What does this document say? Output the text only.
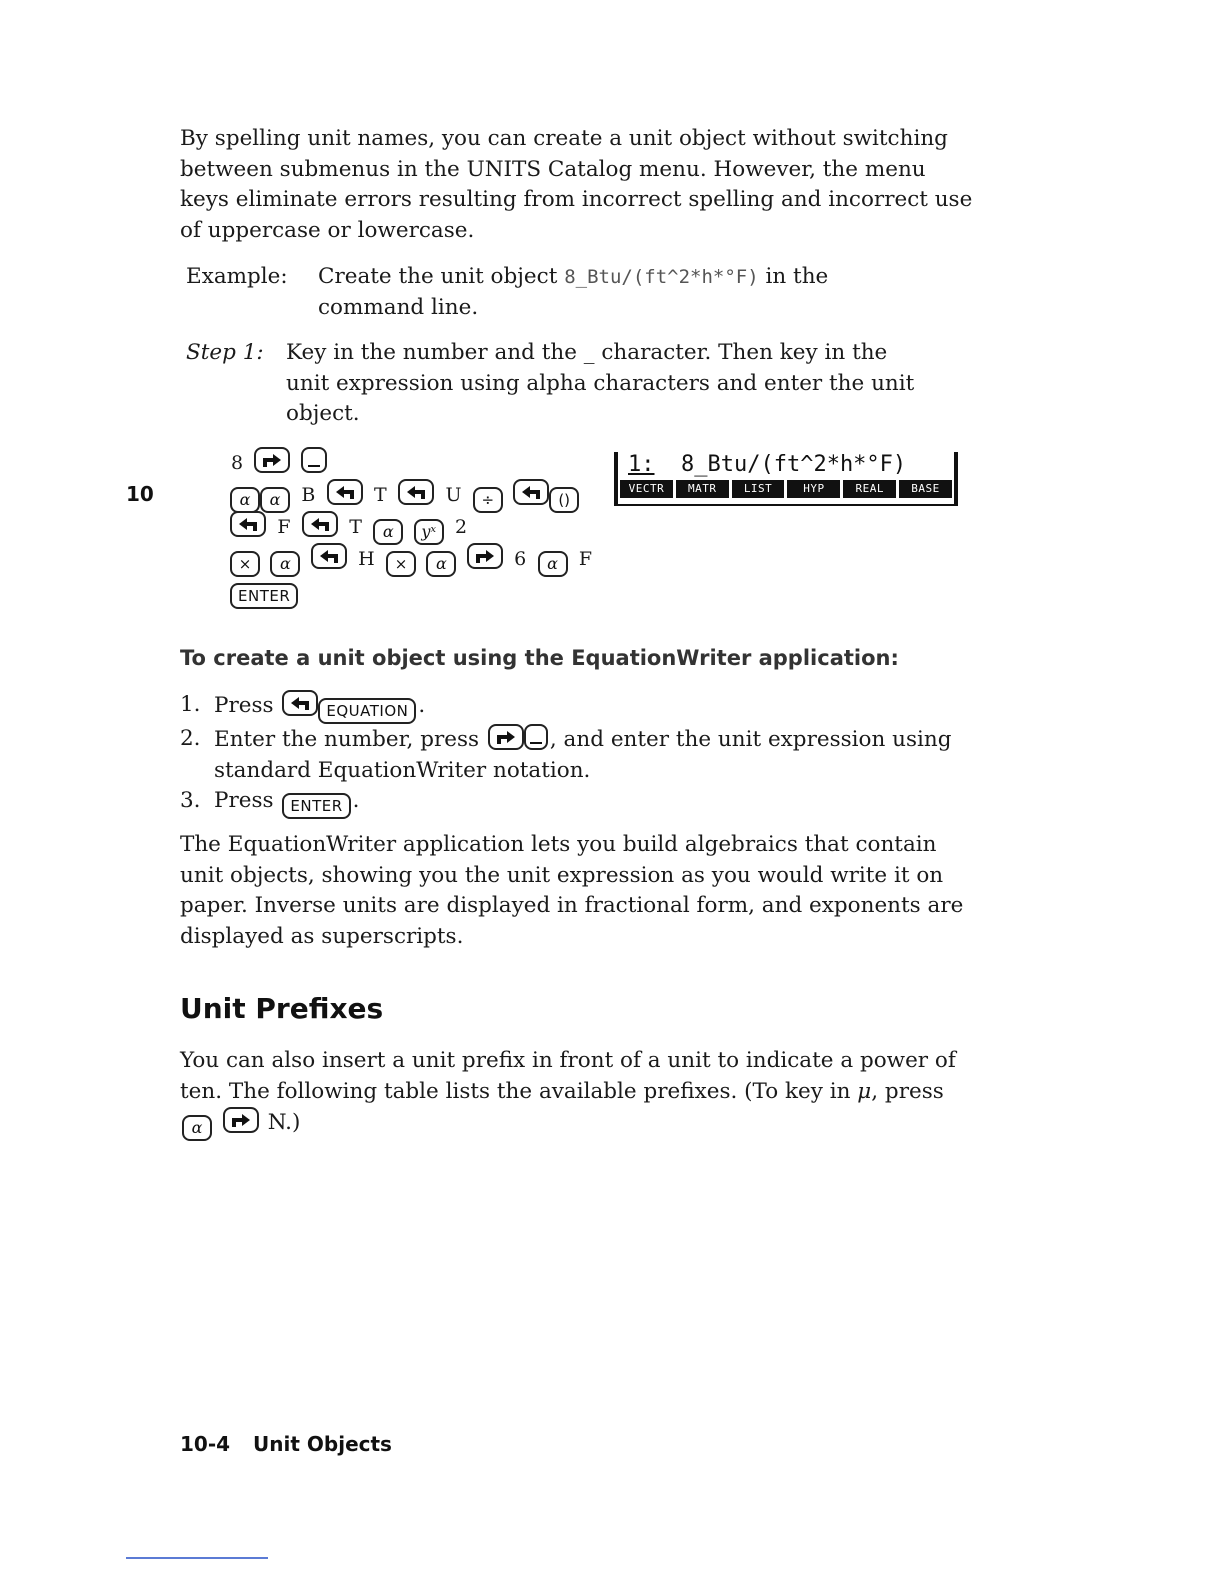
By spelling unit names, you can create a unit object without switching between submenus in the UNITS Catalog menu. However, the menu keys eliminate errors resulting from incorrect spelling and incorrect use of uppercase or lowercase.

Example: Create the unit object 8_Btu/(ft^2*h*°F) in the command line.
Step 1: Key in the number and the _ character. Then key in the unit expression using alpha characters and enter the unit object.
10
8

α α B	T	U ÷	()
F	T α yˣ 2
× α	H × α	6 α F
ENTER
1: 8_Btu/(ft^2*h*°F)
VECTR	MATR	LIST	HYP	REAL	BASE
To create a unit object using the EquationWriter application:
1. Press	EQUATION .
2. Enter the number, press	, and enter the unit expression using standard EquationWriter notation.
3. Press ENTER .

The EquationWriter application lets you build algebraics that contain unit objects, showing you the unit expression as you would write it on paper. Inverse units are displayed in fractional form, and exponents are displayed as superscripts.

Unit Prefixes

You can also insert a unit prefix in front of a unit to indicate a power of ten. The following table lists the available prefixes. (To key in μ, press α	N.)

10-4 Unit Objects
